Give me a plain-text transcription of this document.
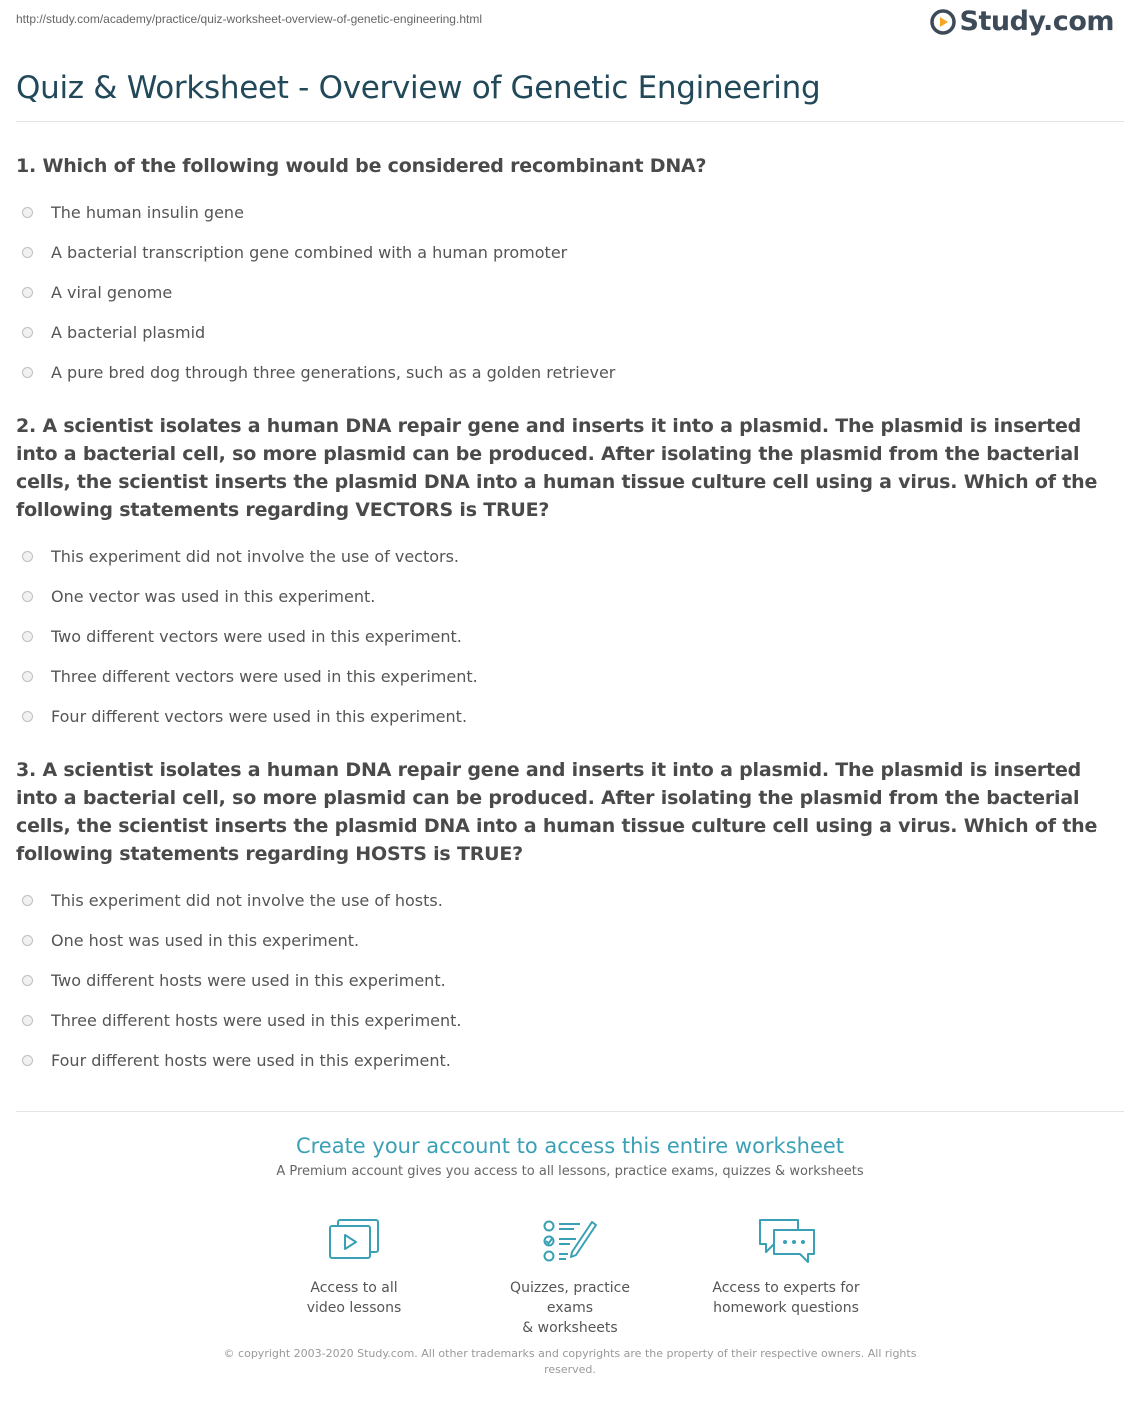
http://study.com/academy/practice/quiz-worksheet-overview-of-genetic-engineering.html	Study.com
Quiz & Worksheet - Overview of Genetic Engineering

1. Which of the following would be considered recombinant DNA?

The human insulin gene
A bacterial transcription gene combined with a human promoter
A viral genome
A bacterial plasmid
A pure bred dog through three generations, such as a golden retriever

2. A scientist isolates a human DNA repair gene and inserts it into a plasmid. The plasmid is inserted into a bacterial cell, so more plasmid can be produced. After isolating the plasmid from the bacterial cells, the scientist inserts the plasmid DNA into a human tissue culture cell using a virus. Which of the following statements regarding VECTORS is TRUE?

This experiment did not involve the use of vectors.
One vector was used in this experiment.
Two different vectors were used in this experiment.
Three different vectors were used in this experiment.
Four different vectors were used in this experiment.

3. A scientist isolates a human DNA repair gene and inserts it into a plasmid. The plasmid is inserted into a bacterial cell, so more plasmid can be produced. After isolating the plasmid from the bacterial cells, the scientist inserts the plasmid DNA into a human tissue culture cell using a virus. Which of the following statements regarding HOSTS is TRUE?

This experiment did not involve the use of hosts.
One host was used in this experiment.
Two different hosts were used in this experiment.
Three different hosts were used in this experiment.
Four different hosts were used in this experiment.
Create your account to access this entire worksheet
A Premium account gives you access to all lessons, practice exams, quizzes & worksheets
Access to all
video lessons
Quizzes, practice exams
& worksheets
Access to experts for
homework questions
© copyright 2003-2020 Study.com. All other trademarks and copyrights are the property of their respective owners. All rights reserved.
